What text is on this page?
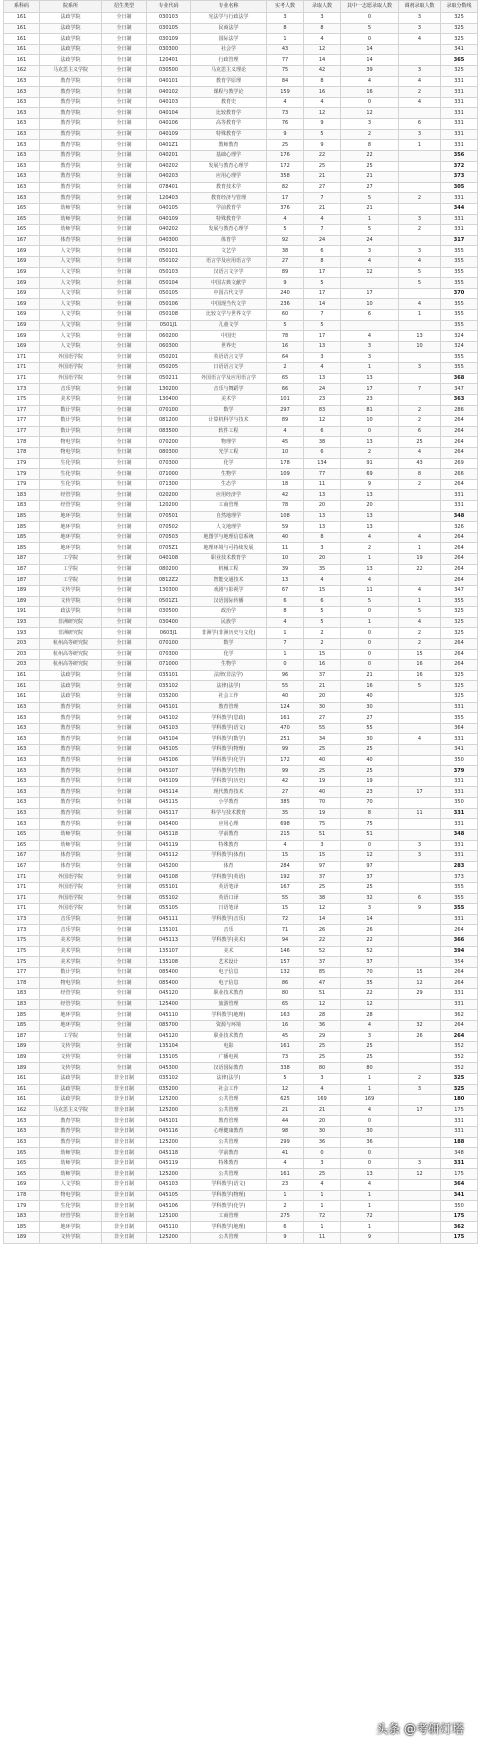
系科码	院系所	招生类型	专业代码	专业名称	实考人数	录取人数	其中一志愿录取人数	调剂录取人数	录取分数线
161	法政学院	全日制	030103	宪法学与行政法学	3	3	0	3	325
161	法政学院	全日制	030105	民商法学	8	8	5	3	325
161	法政学院	全日制	030109	国际法学	1	4	0	4	325
161	法政学院	全日制	030300	社会学	43	12	14		341
161	法政学院	全日制	120401	行政管理	77	14	14		365
162	马克思主义学院	全日制	030500	马克思主义理论	75	42	39	3	325
163	教育学院	全日制	040101	教育学原理	84	8	4	4	331
163	教育学院	全日制	040102	课程与教学论	159	16	16	2	331
163	教育学院	全日制	040103	教育史	4	4	0	4	331
163	教育学院	全日制	040104	比较教育学	73	12	12		331
163	教育学院	全日制	040106	高等教育学	76	9	3	6	331
163	教育学院	全日制	040109	特殊教育学	9	5	2	3	331
163	教育学院	全日制	0401Z1	教师教育	25	9	8	1	331
163	教育学院	全日制	040201	基础心理学	176	22	22		356
163	教育学院	全日制	040202	发展与教育心理学	172	25	25		372
163	教育学院	全日制	040203	应用心理学	358	21	21		373
163	教育学院	全日制	078401	教育技术学	82	27	27		305
163	教育学院	全日制	120403	教育经济与管理	17	7	5	2	331
165	幼师学院	全日制	040105	学前教育学	376	21	21		344
165	幼师学院	全日制	040109	特殊教育学	4	4	1	3	331
165	幼师学院	全日制	040202	发展与教育心理学	5	7	5	2	331
167	体育学院	全日制	040300	体育学	92	24	24		317
169	人文学院	全日制	050101	文艺学	38	6	3	3	355
169	人文学院	全日制	050102	语言学及应用语言学	27	8	4	4	355
169	人文学院	全日制	050103	汉语言文字学	89	17	12	5	355
169	人文学院	全日制	050104	中国古典文献学	9	5		5	355
169	人文学院	全日制	050105	中国古代文学	240	17	17		370
169	人文学院	全日制	050106	中国现当代文学	236	14	10	4	355
169	人文学院	全日制	050108	比较文学与世界文学	60	7	6	1	355
169	人文学院	全日制	0501J1	儿童文学	5	5			355
169	人文学院	全日制	060200	中国史	78	17	4	13	324
169	人文学院	全日制	060300	世界史	16	13	3	10	324
171	外国语学院	全日制	050201	英语语言文学	64	3	3		355
171	外国语学院	全日制	050205	日语语言文学	2	4	1	3	355
171	外国语学院	全日制	050211	外国语言学及应用语言学	65	13	13		368
173	音乐学院	全日制	130200	音乐与舞蹈学	66	24	17	7	347
175	美术学院	全日制	130400	美术学	101	23	23		363
177	数计学院	全日制	070100	数学	297	83	81	2	286
177	数计学院	全日制	081200	计算机科学与技术	89	12	10	2	264
177	数计学院	全日制	083500	软件工程	4	6	0	6	264
178	物电学院	全日制	070200	物理学	45	38	13	25	264
178	物电学院	全日制	080300	光学工程	10	6	2	4	264
179	生化学院	全日制	070300	化学	178	134	91	43	269
179	生化学院	全日制	071000	生物学	109	77	69	8	266
179	生化学院	全日制	071300	生态学	18	11	9	2	264
183	经管学院	全日制	020200	应用经济学	42	13	13		331
183	经管学院	全日制	120200	工商管理	78	20	20		331
185	地环学院	全日制	070501	自然地理学	108	13	13		348
185	地环学院	全日制	070502	人文地理学	59	13	13		326
185	地环学院	全日制	070503	地图学与地理信息系统	40	8	4	4	264
185	地环学院	全日制	0705Z1	地理环境与可持续发展	11	3	2	1	264
187	工学院	全日制	040108	职业技术教育学	10	20	1	19	264
187	工学院	全日制	080200	机械工程	39	35	13	22	264
187	工学院	全日制	0812Z2	智能交通技术	13	4	4		264
189	文传学院	全日制	130300	戏剧与影视学	67	15	11	4	347
189	文传学院	全日制	0501Z1	汉语国际传播	6	6	5	1	355
191	政法学院	全日制	030500	政治学	8	5	0	5	325
193	非洲研究院	全日制	030400	民族学	4	5	1	4	325
193	非洲研究院	全日制	0603J1	非洲学(非洲历史与文化)	1	2	0	2	325
203	杭州高等研究院	全日制	070100	数学	7	2	0	2	264
203	杭州高等研究院	全日制	070300	化学	1	15	0	15	264
203	杭州高等研究院	全日制	071000	生物学	0	16	0	16	264
161	法政学院	全日制	035101	法律(非法学)	96	37	21	16	325
161	法政学院	全日制	035102	法律(法学)	55	21	16	5	325
161	法政学院	全日制	035200	社会工作	40	20	40		325
163	教育学院	全日制	045101	教育管理	124	30	30		331
163	教育学院	全日制	045102	学科教学(思政)	161	27	27		355
163	教育学院	全日制	045103	学科教学(语文)	470	55	55		364
163	教育学院	全日制	045104	学科教学(数学)	251	34	30	4	331
163	教育学院	全日制	045105	学科教学(物理)	99	25	25		341
163	教育学院	全日制	045106	学科教学(化学)	172	40	40		350
163	教育学院	全日制	045107	学科教学(生物)	99	25	25		379
163	教育学院	全日制	045109	学科教学(历史)	42	19	19		331
163	教育学院	全日制	045114	现代教育技术	27	40	23	17	331
163	教育学院	全日制	045115	小学教育	385	70	70		350
163	教育学院	全日制	045117	科学与技术教育	35	19	8	11	331
163	教育学院	全日制	045400	应用心理	698	75	75		331
165	幼师学院	全日制	045118	学前教育	215	51	51		348
165	幼师学院	全日制	045119	特殊教育	4	3	0	3	331
167	体育学院	全日制	045112	学科教学(体育)	15	15	12	3	331
167	体育学院	全日制	045200	体育	284	97	97		283
171	外国语学院	全日制	045108	学科教学(英语)	192	37	37		373
171	外国语学院	全日制	055101	英语笔译	167	25	25		355
171	外国语学院	全日制	055102	英语口译	55	38	32	6	355
171	外国语学院	全日制	055105	日语笔译	15	12	3	9	355
173	音乐学院	全日制	045111	学科教学(音乐)	72	14	14		331
173	音乐学院	全日制	135101	音乐	71	26	26		264
175	美术学院	全日制	045113	学科教学(美术)	94	22	22		366
175	美术学院	全日制	135107	美术	146	52	52		394
175	美术学院	全日制	135108	艺术设计	157	37	37		354
177	数计学院	全日制	085400	电子信息	132	85	70	15	264
178	物电学院	全日制	085400	电子信息	86	47	35	12	264
183	经管学院	全日制	045120	职业技术教育	80	51	22	29	331
183	经管学院	全日制	125400	旅游管理	65	12	12		331
185	地环学院	全日制	045110	学科教学(地理)	163	28	28		362
185	地环学院	全日制	085700	资源与环境	16	36	4	32	264
187	工学院	全日制	045120	职业技术教育	45	29	3	26	264
189	文传学院	全日制	135104	电影	161	25	25		352
189	文传学院	全日制	135105	广播电视	73	25	25		352
189	文传学院	全日制	045300	汉语国际教育	338	80	80		352
161	法政学院	非全日制	035102	法律(法学)	5	3	1	2	325
161	法政学院	非全日制	035200	社会工作	12	4	1	3	325
161	法政学院	非全日制	125200	公共管理	625	169	169		180
162	马克思主义学院	非全日制	125200	公共管理	21	21	4	17	175
163	教育学院	非全日制	045101	教育管理	44	20	0		331
163	教育学院	非全日制	045116	心理健康教育	98	30	30		331
163	教育学院	非全日制	125200	公共管理	299	36	36		188
165	幼师学院	非全日制	045118	学前教育	41	0	0		348
165	幼师学院	非全日制	045119	特殊教育	4	3	0	3	331
165	幼师学院	非全日制	125200	公共管理	161	25	13	12	175
169	人文学院	非全日制	045103	学科教学(语文)	23	4	4		364
178	物电学院	非全日制	045105	学科教学(物理)	1	1	1		341
179	生化学院	非全日制	045106	学科教学(化学)	2	1	1		350
183	经管学院	非全日制	125100	工商管理	275	72	72		175
185	地环学院	非全日制	045110	学科教学(地理)	6	1	1		362
189	文传学院	非全日制	125200	公共管理	9	11	9		175
头条 @考研灯塔
